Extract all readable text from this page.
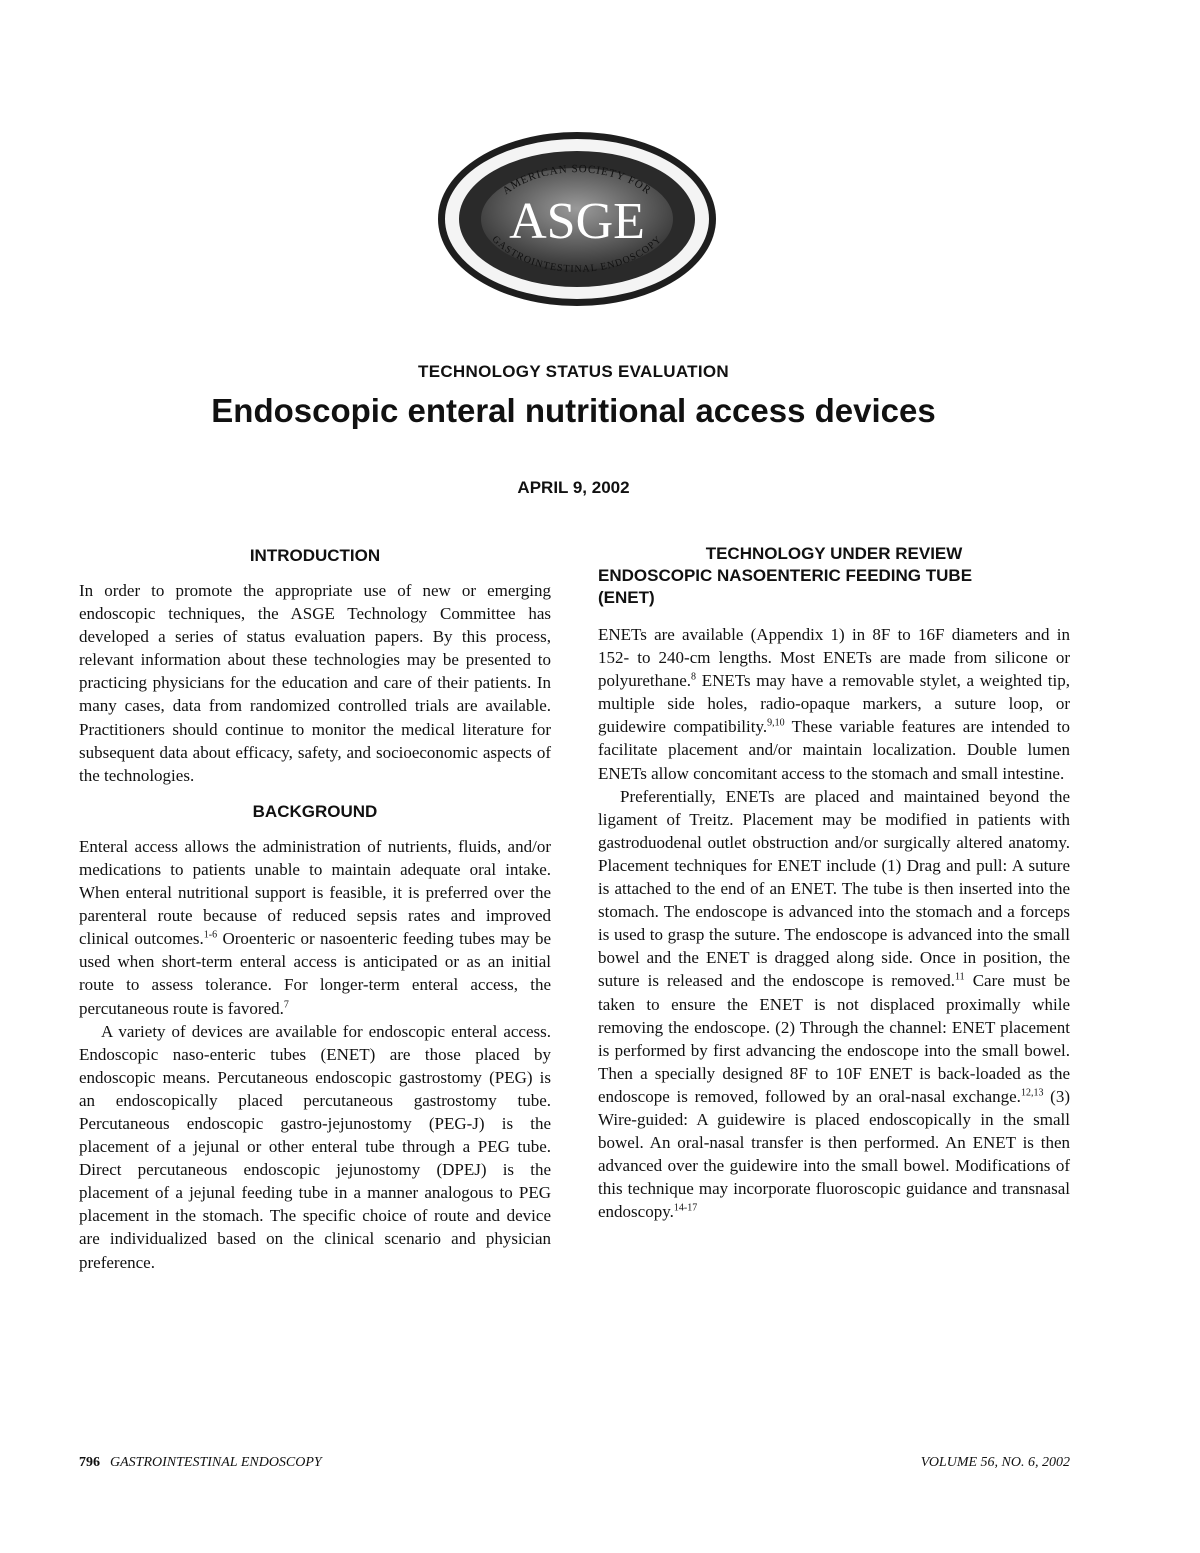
AMERICAN SOCIETY FOR
GASTROINTESTINAL ENDOSCOPY
ASGE
TECHNOLOGY STATUS EVALUATION
Endoscopic enteral nutritional access devices
APRIL 9, 2002
INTRODUCTION

In order to promote the appropriate use of new or emerging endoscopic techniques, the ASGE Technology Committee has developed a series of status evaluation papers. By this process, relevant information about these technologies may be presented to practicing physicians for the education and care of their patients. In many cases, data from randomized controlled trials are available. Practitioners should continue to monitor the medical literature for subsequent data about efficacy, safety, and socioeconomic aspects of the technologies.

BACKGROUND

Enteral access allows the administration of nutrients, fluids, and/or medications to patients unable to maintain adequate oral intake. When enteral nutritional support is feasible, it is preferred over the parenteral route because of reduced sepsis rates and improved clinical outcomes.$^{1-6}$ Oroenteric or nasoenteric feeding tubes may be used when short-term enteral access is anticipated or as an initial route to assess tolerance. For longer-term enteral access, the percutaneous route is favored.$^7$

A variety of devices are available for endoscopic enteral access. Endoscopic naso-enteric tubes (ENET) are those placed by endoscopic means. Percutaneous endoscopic gastrostomy (PEG) is an endoscopically placed percutaneous gastrostomy tube. Percutaneous endoscopic gastro-jejunostomy (PEG-J) is the placement of a jejunal or other enteral tube through a PEG tube. Direct percutaneous endoscopic jejunostomy (DPEJ) is the placement of a jejunal feeding tube in a manner analogous to PEG placement in the stomach. The specific choice of route and device are individualized based on the clinical scenario and physician preference.

TECHNOLOGY UNDER REVIEW
ENDOSCOPIC NASOENTERIC FEEDING TUBE
(ENET)

ENETs are available (Appendix 1) in 8F to 16F diameters and in 152- to 240-cm lengths. Most ENETs are made from silicone or polyurethane.$^8$ ENETs may have a removable stylet, a weighted tip, multiple side holes, radio-opaque markers, a suture loop, or guidewire compatibility.$^{9,10}$ These variable features are intended to facilitate placement and/or maintain localization. Double lumen ENETs allow concomitant access to the stomach and small intestine.

Preferentially, ENETs are placed and maintained beyond the ligament of Treitz. Placement may be modified in patients with gastroduodenal outlet obstruction and/or surgically altered anatomy. Placement techniques for ENET include (1) Drag and pull: A suture is attached to the end of an ENET. The tube is then inserted into the stomach. The endoscope is advanced into the stomach and a forceps is used to grasp the suture. The endoscope is advanced into the small bowel and the ENET is dragged along side. Once in position, the suture is released and the endoscope is removed.$^{11}$ Care must be taken to ensure the ENET is not displaced proximally while removing the endoscope. (2) Through the channel: ENET placement is performed by first advancing the endoscope into the small bowel. Then a specially designed 8F to 10F ENET is back-loaded as the endoscope is removed, followed by an oral-nasal exchange.$^{12,13}$ (3) Wire-guided: A guidewire is placed endoscopically in the small bowel. An oral-nasal transfer is then performed. An ENET is then advanced over the guidewire into the small bowel. Modifications of this technique may incorporate fluoroscopic guidance and transnasal endoscopy.$^{14-17}$

796 GASTROINTESTINAL ENDOSCOPY	VOLUME 56, NO. 6, 2002
